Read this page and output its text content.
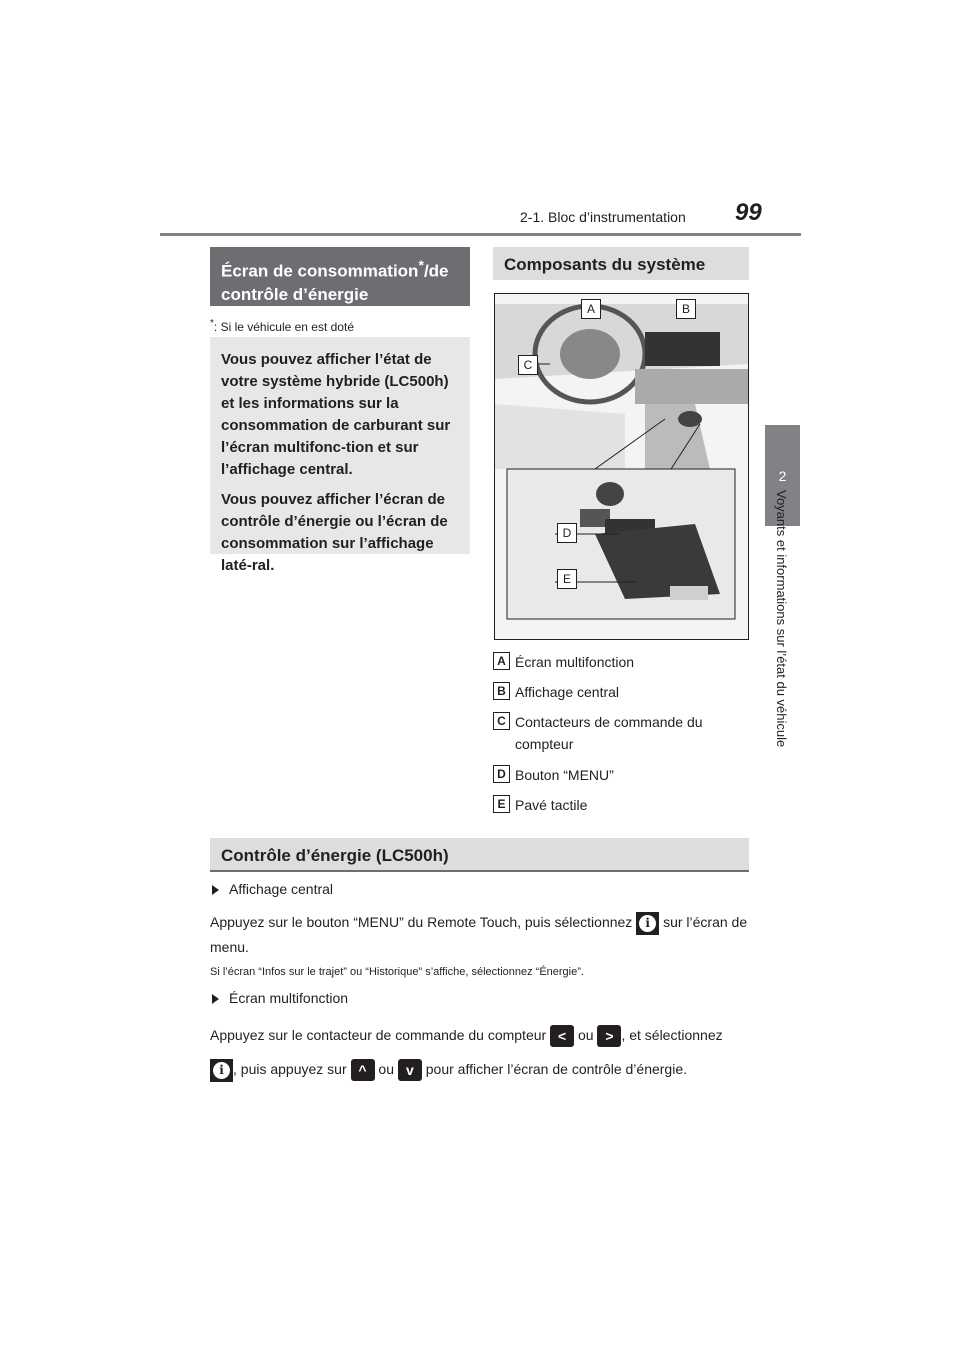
2-1. Bloc d’instrumentation 99
2
Voyants et informations sur l’état du véhicule
Écran de consommation*/de contrôle d’énergie
*: Si le véhicule en est doté

Vous pouvez afficher l’état de votre système hybride (LC500h) et les informations sur la consommation de carburant sur l’écran multifonc-tion et sur l’affichage central.

Vous pouvez afficher l’écran de contrôle d’énergie ou l’écran de consommation sur l’affichage laté-ral.

Composants du système
A	B
C
D
E
A Écran multifonction
B Affichage central
C Contacteurs de commande du compteur
D Bouton “MENU”
E Pavé tactile
Contrôle d’énergie (LC500h)
Affichage central
Appuyez sur le bouton “MENU” du Remote Touch, puis sélectionnez	i sur l’écran de menu.
Si l’écran “Infos sur le trajet” ou “Historique” s’affiche, sélectionnez “Énergie”.
Écran multifonction
Appuyez sur le contacteur de commande du compteur < ou > , et sélectionnez

i , puis appuyez sur ^ ou v pour afficher l’écran de contrôle d’énergie.
